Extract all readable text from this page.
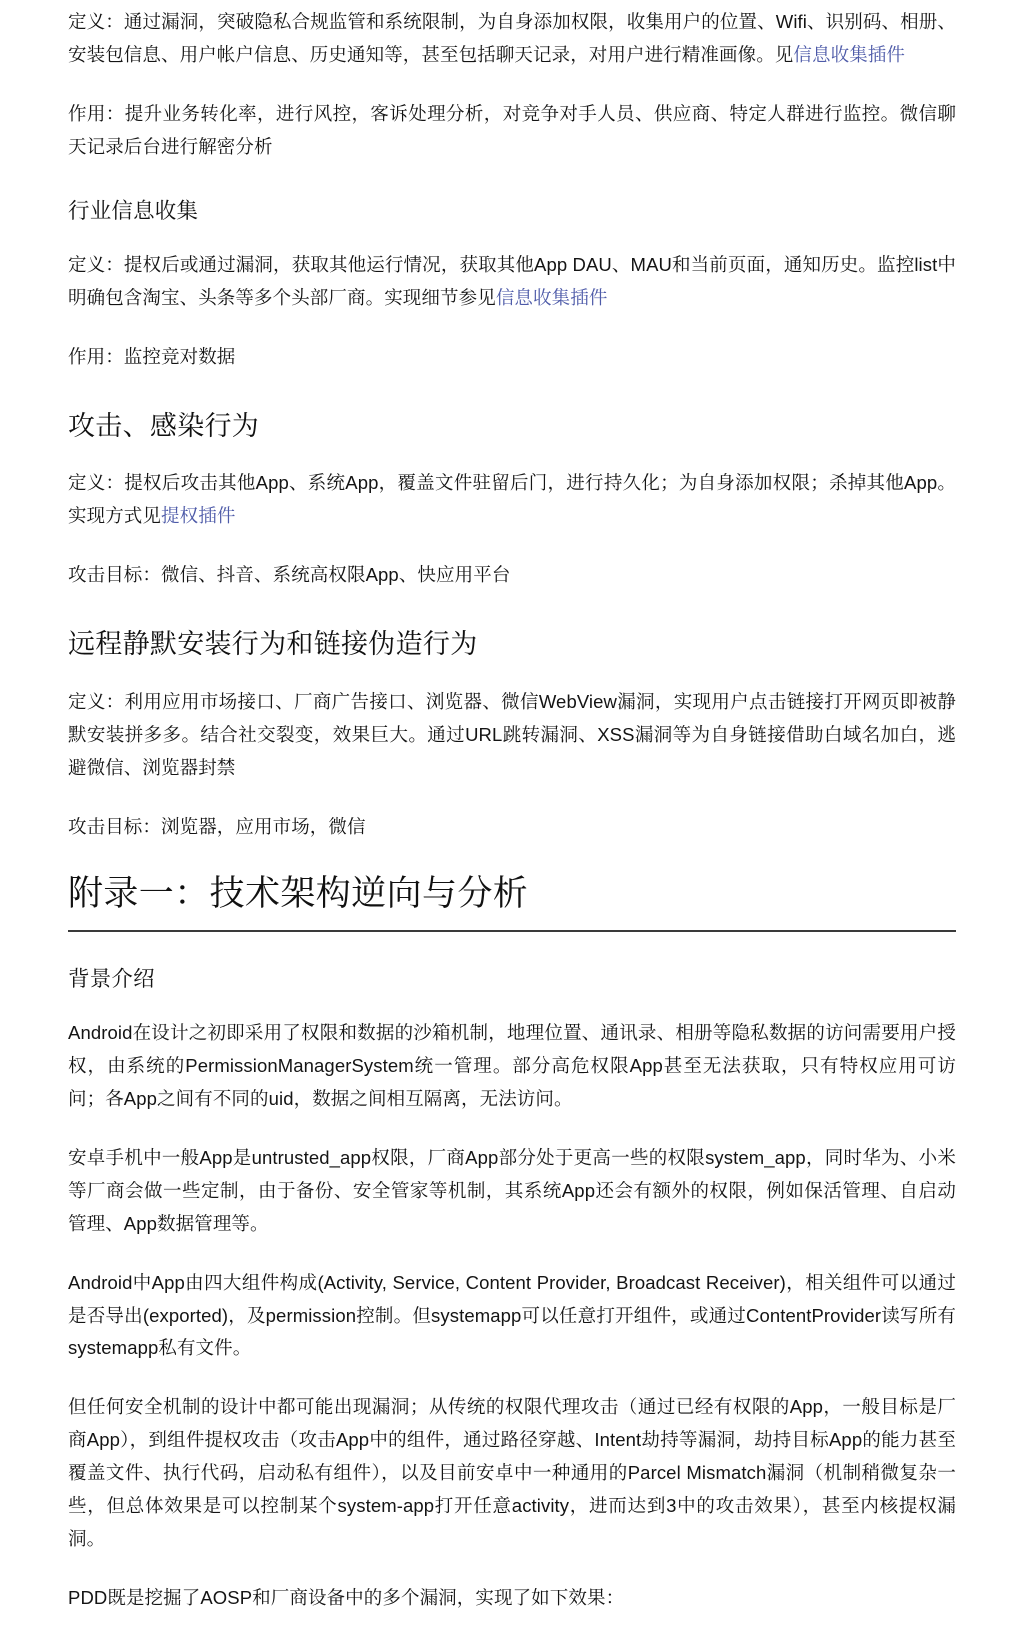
定义：通过漏洞，突破隐私合规监管和系统限制，为自身添加权限，收集用户的位置、Wifi、识别码、相册、安装包信息、用户帐户信息、历史通知等，甚至包括聊天记录，对用户进行精准画像。见信息收集插件

作用：提升业务转化率，进行风控，客诉处理分析，对竞争对手人员、供应商、特定人群进行监控。微信聊天记录后台进行解密分析

行业信息收集

定义：提权后或通过漏洞，获取其他运行情况，获取其他App DAU、MAU和当前页面，通知历史。监控list中明确包含淘宝、头条等多个头部厂商。实现细节参见信息收集插件

作用：监控竞对数据

攻击、感染行为

定义：提权后攻击其他App、系统App，覆盖文件驻留后门，进行持久化；为自身添加权限；杀掉其他App。实现方式见提权插件

攻击目标：微信、抖音、系统高权限App、快应用平台

远程静默安装行为和链接伪造行为

定义：利用应用市场接口、厂商广告接口、浏览器、微信WebView漏洞，实现用户点击链接打开网页即被静默安装拼多多。结合社交裂变，效果巨大。通过URL跳转漏洞、XSS漏洞等为自身链接借助白域名加白，逃避微信、浏览器封禁

攻击目标：浏览器，应用市场，微信

附录一：技术架构逆向与分析
背景介绍

Android在设计之初即采用了权限和数据的沙箱机制，地理位置、通讯录、相册等隐私数据的访问需要用户授权，由系统的PermissionManagerSystem统一管理。部分高危权限App甚至无法获取，只有特权应用可访问；各App之间有不同的uid，数据之间相互隔离，无法访问。

安卓手机中一般App是untrusted_app权限，厂商App部分处于更高一些的权限system_app，同时华为、小米等厂商会做一些定制，由于备份、安全管家等机制，其系统App还会有额外的权限，例如保活管理、自启动管理、App数据管理等。

Android中App由四大组件构成(Activity, Service, Content Provider, Broadcast Receiver)，相关组件可以通过是否导出(exported)，及permission控制。但systemapp可以任意打开组件，或通过ContentProvider读写所有systemapp私有文件。

但任何安全机制的设计中都可能出现漏洞；从传统的权限代理攻击（通过已经有权限的App，一般目标是厂商App），到组件提权攻击（攻击App中的组件，通过路径穿越、Intent劫持等漏洞，劫持目标App的能力甚至覆盖文件、执行代码，启动私有组件），以及目前安卓中一种通用的Parcel Mismatch漏洞（机制稍微复杂一些，但总体效果是可以控制某个system-app打开任意activity，进而达到3中的攻击效果），甚至内核提权漏洞。

PDD既是挖掘了AOSP和厂商设备中的多个漏洞，实现了如下效果：
